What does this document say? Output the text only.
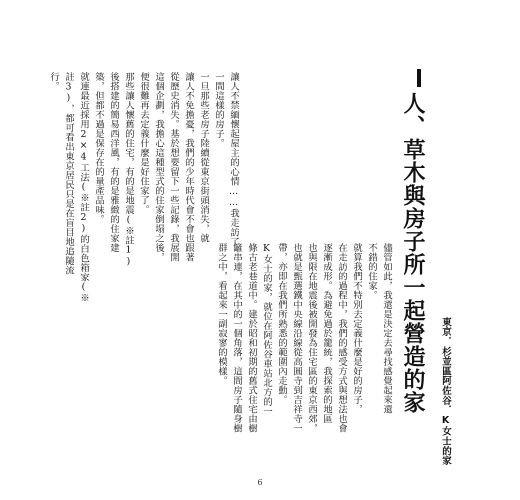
人、草木與房子所一起營造的家 東京．杉並區阿佐谷．K女士的家
讓人不禁緬懷起屋主的心情……我走訪了
一間這樣的房子。
一旦那些老房子陸續從東京街頭消失，就
讓人不免擔憂，我們的少年時代會不會也跟著
從歷史消失。基於想要留下一些記錄，我展開
這個企劃，我擔心這種型式的住家倒塌之後，
便很難再去定義什麼是好住家了。
那些讓人懷舊的住宅，有的是地震(※註1)
後搭建的簡易西洋風，有的是雅緻的住家建
築，但都不過是保存在的量產品味。
就連最近採用2×4工法(※註2)的白色箱家(※
註3)，都可看出東京居民只是在盲目地追隨流
行。
儘管如此，我還是決定去尋找感覺起來還
不錯的住家。
就算我們不特別去定義什麼是好的房子，
在走訪的過程中，我們的感受方式與想法也會
逐漸成形。為避免過於籠統，我探索的地區
也與限在地震後被開發為住宅區的東京西郊，
也就是甄選鐵中央線沿線從高圓寺到吉祥寺一
帶，亦即在我們所熟悉的範圍內走動。
K女士的家，就位在阿佐谷車站北方的一
條古老巷道中。建於昭和初期的舊式住宅由樹
籬串連，在其中的一個角落，這間房子隨身樹
群之中，看起來一副寂寥的模樣。
6
